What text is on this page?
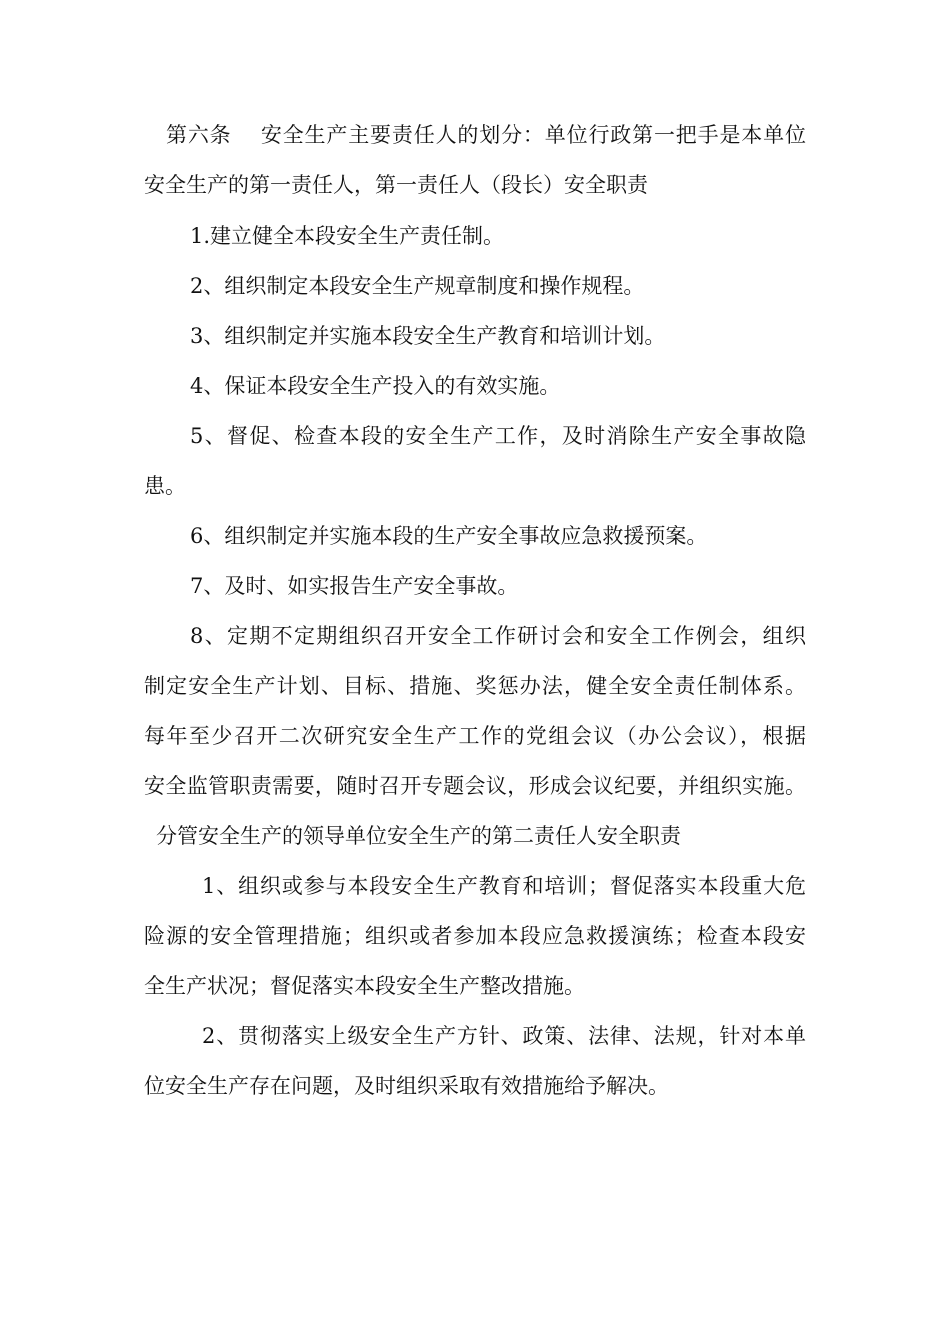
第六条　 安全生产主要责任人的划分：单位行政第一把手是本单位
安全生产的第一责任人，第一责任人（段长）安全职责
1.建立健全本段安全生产责任制。
2、组织制定本段安全生产规章制度和操作规程。
3、组织制定并实施本段安全生产教育和培训计划。
4、保证本段安全生产投入的有效实施。
5、督促、检查本段的安全生产工作，及时消除生产安全事故隐
患。
6、组织制定并实施本段的生产安全事故应急救援预案。
7、及时、如实报告生产安全事故。
8、定期不定期组织召开安全工作研讨会和安全工作例会，组织
制定安全生产计划、目标、措施、奖惩办法，健全安全责任制体系。
每年至少召开二次研究安全生产工作的党组会议（办公会议），根据
安全监管职责需要，随时召开专题会议，形成会议纪要，并组织实施。
分管安全生产的领导单位安全生产的第二责任人安全职责
1、组织或参与本段安全生产教育和培训；督促落实本段重大危
险源的安全管理措施；组织或者参加本段应急救援演练；检查本段安
全生产状况；督促落实本段安全生产整改措施。
2、贯彻落实上级安全生产方针、政策、法律、法规，针对本单
位安全生产存在问题，及时组织采取有效措施给予解决。
